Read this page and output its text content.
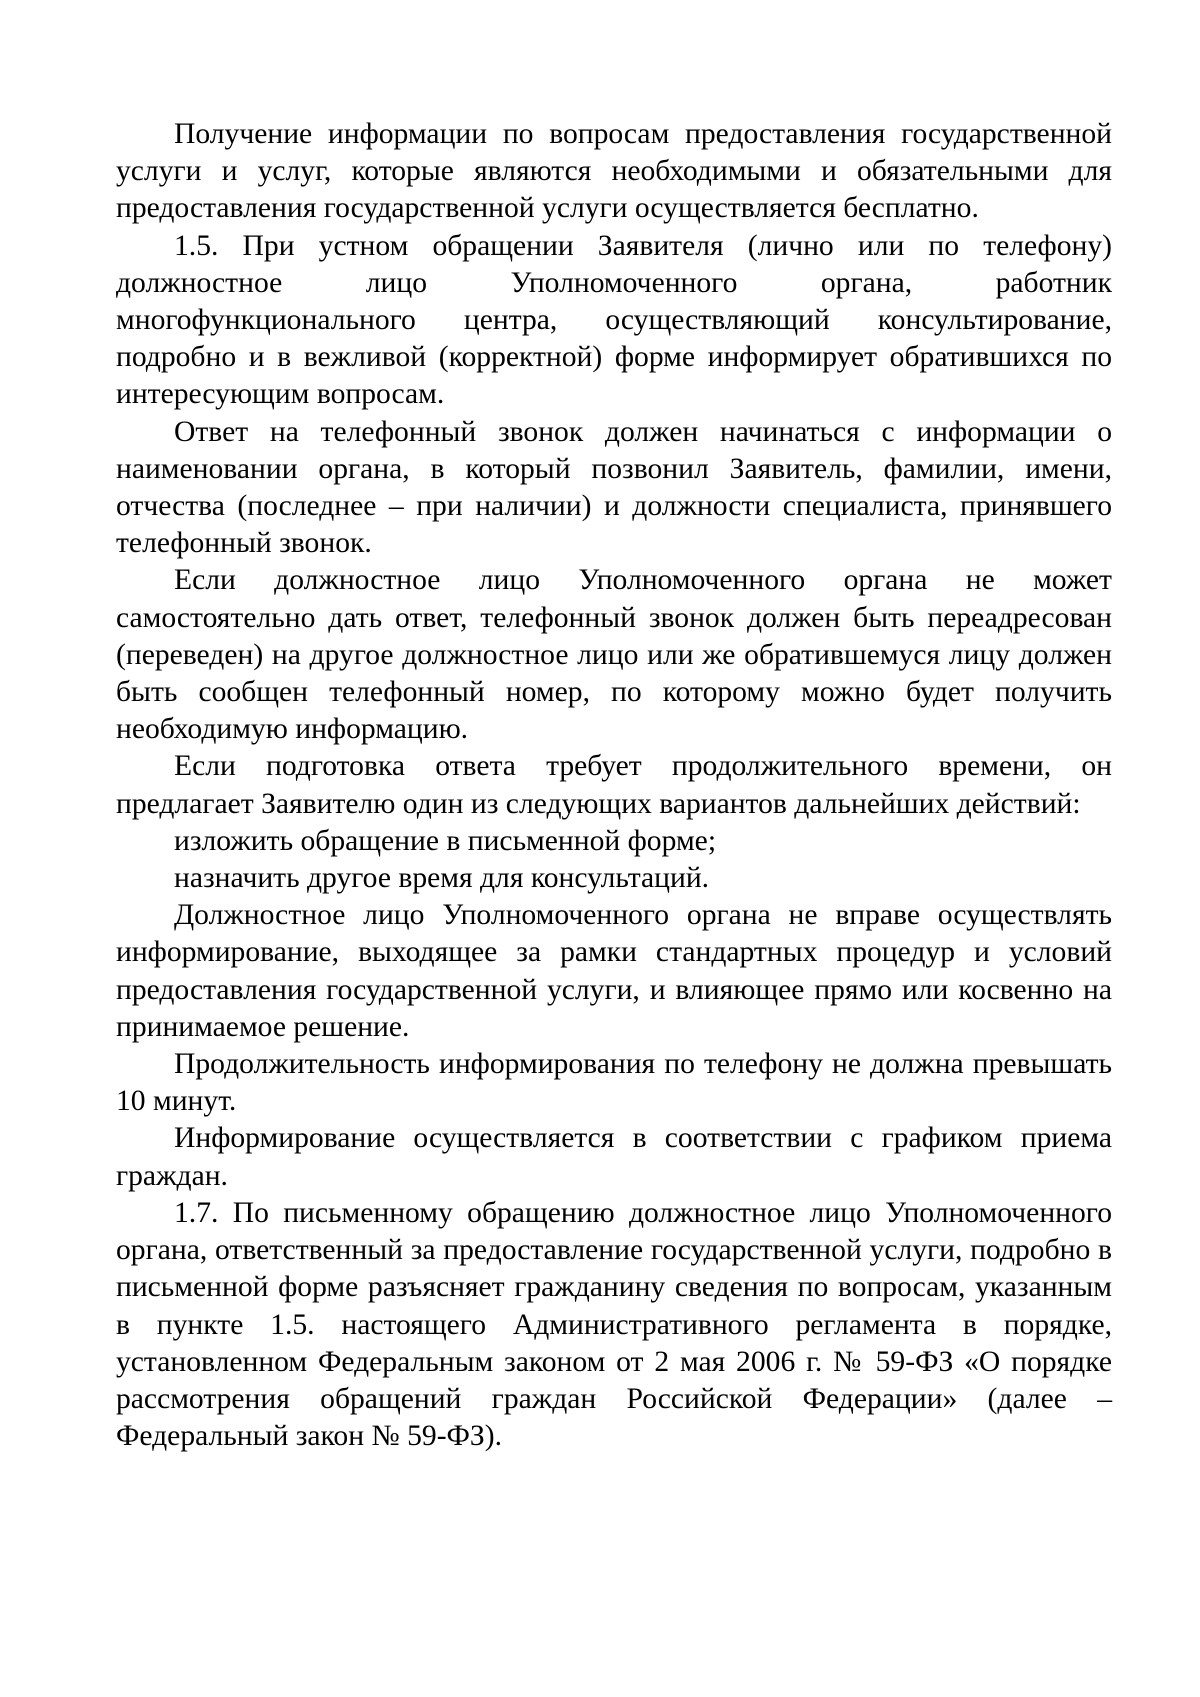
Получение информации по вопросам предоставления государственной услуги и услуг, которые являются необходимыми и обязательными для предоставления государственной услуги осуществляется бесплатно.

1.5. При устном обращении Заявителя (лично или по телефону) должностное лицо Уполномоченного органа, работник многофункционального центра, осуществляющий консультирование, подробно и в вежливой (корректной) форме информирует обратившихся по интересующим вопросам.

Ответ на телефонный звонок должен начинаться с информации о наименовании органа, в который позвонил Заявитель, фамилии, имени, отчества (последнее – при наличии) и должности специалиста, принявшего телефонный звонок.

Если должностное лицо Уполномоченного органа не может самостоятельно дать ответ, телефонный звонок должен быть переадресован (переведен) на другое должностное лицо или же обратившемуся лицу должен быть сообщен телефонный номер, по которому можно будет получить необходимую информацию.

Если подготовка ответа требует продолжительного времени, он предлагает Заявителю один из следующих вариантов дальнейших действий:

изложить обращение в письменной форме;

назначить другое время для консультаций.

Должностное лицо Уполномоченного органа не вправе осуществлять информирование, выходящее за рамки стандартных процедур и условий предоставления государственной услуги, и влияющее прямо или косвенно на принимаемое решение.

Продолжительность информирования по телефону не должна превышать 10 минут.

Информирование осуществляется в соответствии с графиком приема граждан.

1.7. По письменному обращению должностное лицо Уполномоченного органа, ответственный за предоставление государственной услуги, подробно в письменной форме разъясняет гражданину сведения по вопросам, указанным в пункте 1.5. настоящего Административного регламента в порядке, установленном Федеральным законом от 2 мая 2006 г. № 59-ФЗ «О порядке рассмотрения обращений граждан Российской Федерации» (далее – Федеральный закон № 59-ФЗ).
